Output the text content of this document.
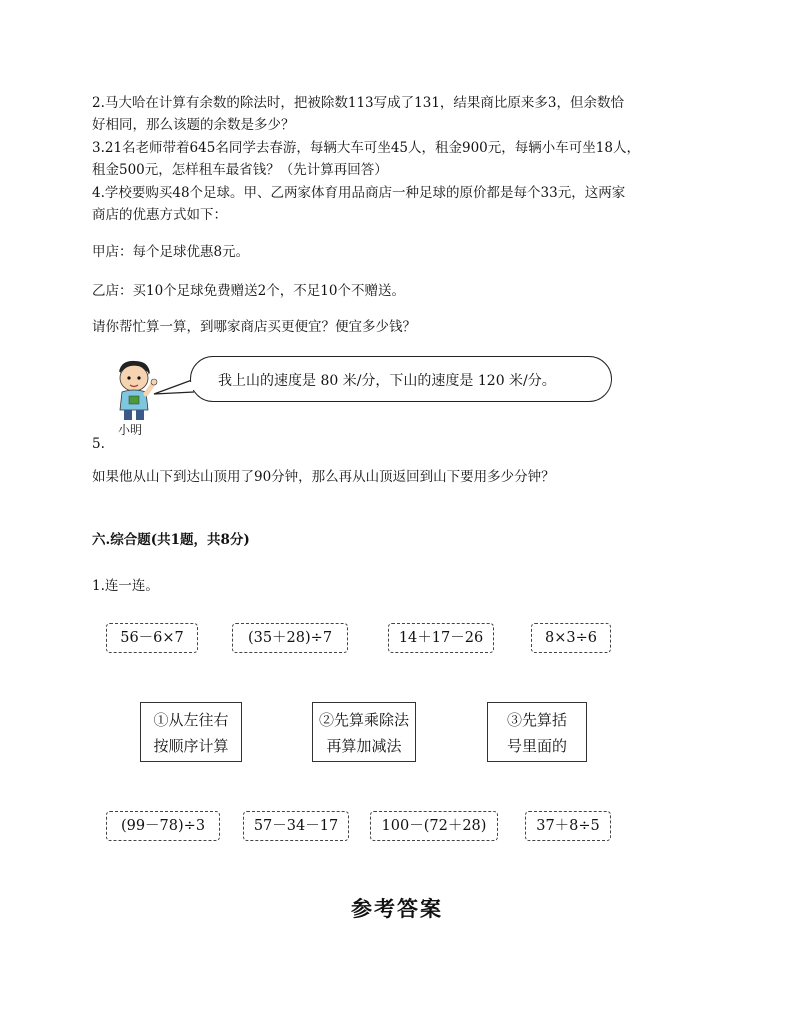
2.马大哈在计算有余数的除法时，把被除数113写成了131，结果商比原来多3，但余数恰
好相同，那么该题的余数是多少？
3.21名老师带着645名同学去春游，每辆大车可坐45人，租金900元，每辆小车可坐18人，
租金500元，怎样租车最省钱？（先计算再回答）
4.学校要购买48个足球。甲、乙两家体育用品商店一种足球的原价都是每个33元，这两家
商店的优惠方式如下：
甲店：每个足球优惠8元。
乙店：买10个足球免费赠送2个，不足10个不赠送。
请你帮忙算一算，到哪家商店买更便宜？便宜多少钱？
小明
我上山的速度是 80 米/分，下山的速度是 120 米/分。
5.
如果他从山下到达山顶用了90分钟，那么再从山顶返回到山下要用多少分钟？
六.综合题(共1题，共8分)
1.连一连。
56－6×7	(35＋28)÷7	14＋17－26	8×3÷6
①从左往右
按顺序计算
②先算乘除法
再算加减法
③先算括
号里面的
(99－78)÷3	57－34－17	100－(72＋28)	37＋8÷5
参考答案
